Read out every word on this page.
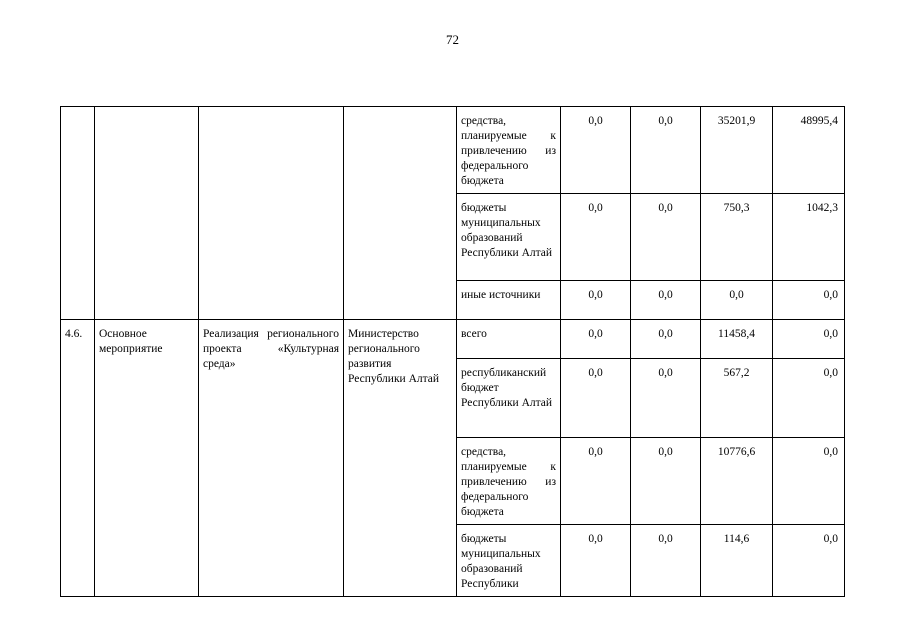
72
				средства, планируемые к привлечению из федерального бюджета	0,0	0,0	35201,9	48995,4
				бюджеты муниципальных образований Республики Алтай	0,0	0,0	750,3	1042,3
				иные источники	0,0	0,0	0,0	0,0
4.6.	Основное мероприятие	Реализация регионального проекта «Культурная среда»	Министерство регионального развития Республики Алтай	всего	0,0	0,0	11458,4	0,0
				республиканский бюджет Республики Алтай	0,0	0,0	567,2	0,0
				средства, планируемые к привлечению из федерального бюджета	0,0	0,0	10776,6	0,0
				бюджеты муниципальных образований Республики	0,0	0,0	114,6	0,0
